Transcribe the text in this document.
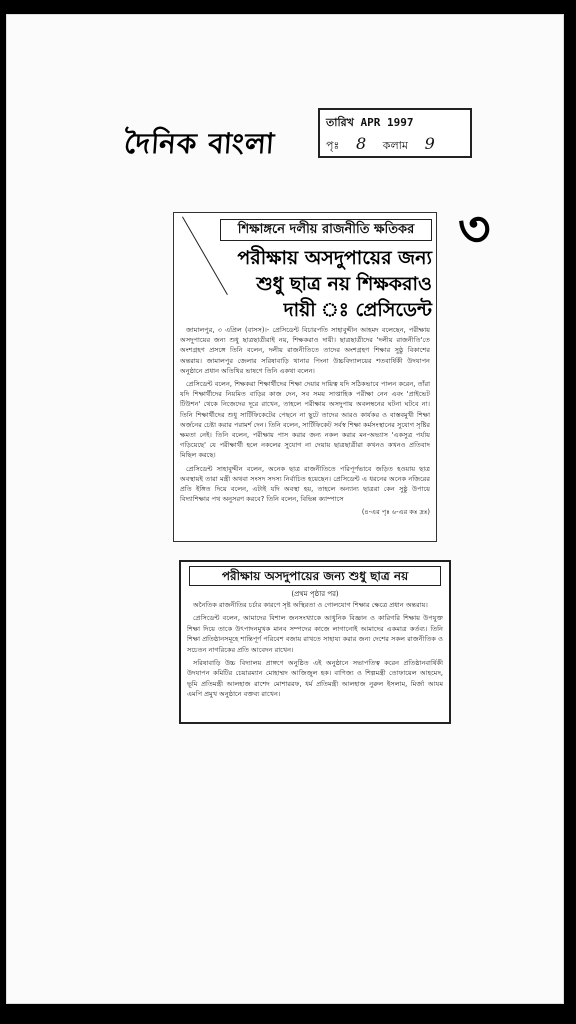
দৈনিক বাংলা
তারিখ APR 1997
পৃঃ 8 কলাম 9
৩
শিক্ষাঙ্গনে দলীয় রাজনীতি ক্ষতিকর
পরীক্ষায় অসদুপায়ের জন্য
শুধু ছাত্র নয় শিক্ষকরাও
দায়ী ঃ প্রেসিডেন্ট

জামালপুর, ৩ এপ্রিল (বাসস)।- প্রেসিডেন্ট বিচারপতি সাহাবুদ্দীন আহমদ বলেছেন, পরীক্ষায় অসদুপায়ের জন্য শুধু ছাত্রছাত্রীরাই নয়, শিক্ষকরাও দায়ী। ছাত্রছাত্রীদের 'দলীয় রাজনীতি'তে অংশগ্রহণ প্রসঙ্গে তিনি বলেন, দলীয় রাজনীতিতে তাদের অংশগ্রহণ শিক্ষার সুষ্ঠু বিকাশের অন্তরায়। জামালপুর জেলার সরিষাবাড়ি থানার পিংনা উচ্চবিদ্যালয়ের শতবার্ষিকী উদযাপন অনুষ্ঠানে প্রধান অতিথির ভাষণে তিনি একথা বলেন।

প্রেসিডেন্ট বলেন, শিক্ষকরা শিক্ষার্থীদের শিক্ষা দেয়ার দায়িত্ব যদি সঠিকভাবে পালন করেন, তাঁরা যদি শিক্ষার্থীদের নিয়মিত বাড়ির কাজ দেন, সব সময় সাপ্তাহিক পরীক্ষা নেন এবং 'প্রাইভেট টিউশন' থেকে নিজেদের দূরে রাখেন, তাহলে পরীক্ষায় অসদুপায় অবলম্বনের ঘটনা ঘটবে না। তিনি শিক্ষার্থীদের শুধু সার্টিফিকেটের পেছনে না ছুটে তাদের আরও কার্যকর ও বাস্তবমুখী শিক্ষা অর্জনের চেষ্টা করার পরামর্শ দেন। তিনি বলেন, সার্টিফিকেট সর্বস্ব শিক্ষা কর্মসংস্থানের সুযোগ সৃষ্টির ক্ষমতা নেই। তিনি বলেন, পরীক্ষায় পাস করার জন্য নকল করার মন-অভ্যাস 'একসুত্র পর্যায় গড়িয়েছে' যে পরীক্ষার্থী হলে নকলের সুযোগ না দেয়ায় ছাত্রছাত্রীরা কখনও কখনও প্রতিবাদ মিছিল করছে।

প্রেসিডেন্ট সাহাবুদ্দীন বলেন, অনেক ছাত্র রাজনীতিতে পরিপূর্ণভাবে জড়িত হওয়ায় ছাত্র অবস্থায়ই তারা মন্ত্রী অথবা সংসদ সদস্য নির্বাচিত হয়েছেন। প্রেসিডেন্ট এ ধরনের অনেক নজিরের প্রতি ইঙ্গিত দিয়ে বলেন, এটাই যদি অবস্থা হয়, তাহলে অন্যান্য ছাত্ররা কেন সুষ্ঠু উপায়ে বিদ্যাশিক্ষার পথ অনুসরণ করবে? তিনি বলেন, বিভিন্ন ক্যাম্পাসে

(৪-এর পৃঃ ৬-এর কঃ দ্রঃ)
পরীক্ষায় অসদুপায়ের জন্য শুধু ছাত্র নয়
(প্রথম পৃষ্ঠার পর)

অনৈতিক রাজনীতির চর্চার কারণে সৃষ্ট অস্থিরতা ও গোলযোগ শিক্ষার ক্ষেত্রে প্রধান অন্তরায়।

প্রেসিডেন্ট বলেন, আমাদের বিশাল জনসংখ্যাকে আধুনিক বিজ্ঞান ও কারিগরি শিক্ষায় উপযুক্ত শিক্ষা দিয়ে তাকে উৎপাদনমুখক মানব সম্পদের কাজে লাগানোই আমাদের একমাত্র কর্তব্য। তিনি শিক্ষা প্রতিষ্ঠানসমূহে শান্তিপূর্ণ পরিবেশ বজায় রাখতে সাহায্য করার জন্য দেশের সকল রাজনীতিক ও সচেতন নাগরিকের প্রতি আবেদন রাখেন।

সরিষাবাড়ি উচ্চ বিদ্যালয় প্রাঙ্গণে অনুষ্ঠিত এই অনুষ্ঠানে সভাপতিত্ব করেন প্রতিষ্ঠানবার্ষিকী উদযাপন কমিটির চেয়ারম্যান মোহাম্মদ আজিজুল হক। বাণিজ্য ও শিল্পমন্ত্রী তোফায়েল আহমেদ, ভূমি প্রতিমন্ত্রী আলহাজ রাশেদ মোশাররফ, ধর্ম প্রতিমন্ত্রী আলহাজ নুরুল ইসলাম, মির্জা আযম এমপি প্রমুখ অনুষ্ঠানে বক্তব্য রাখেন।
